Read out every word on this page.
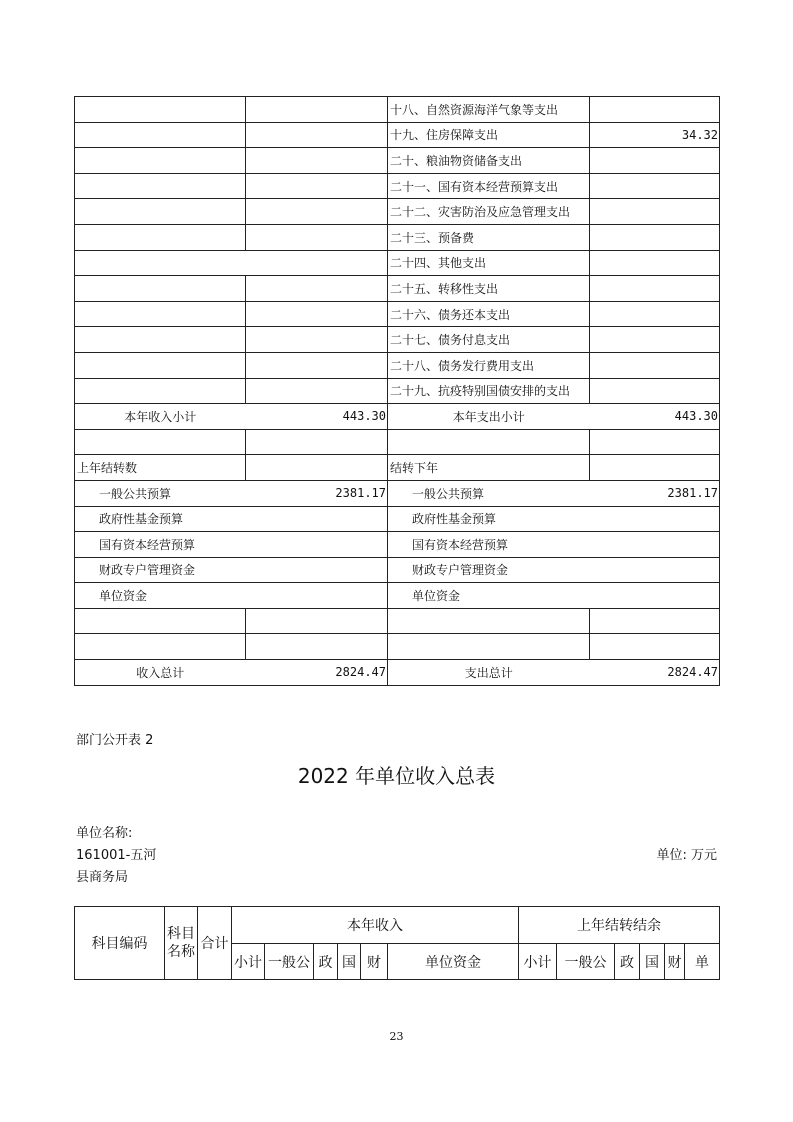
		十八、自然资源海洋气象等支出	
		十九、住房保障支出	34.32
		二十、粮油物资储备支出	
		二十一、国有资本经营预算支出	
		二十二、灾害防治及应急管理支出	
		二十三、预备费	
		二十四、其他支出	
		二十五、转移性支出	
		二十六、债务还本支出	
		二十七、债务付息支出	
		二十八、债务发行费用支出	
		二十九、抗疫特别国债安排的支出	
本年收入小计	443.30	本年支出小计	443.30

上年结转数		结转下年	
一般公共预算	2381.17	一般公共预算	2381.17
政府性基金预算		政府性基金预算	
国有资本经营预算		国有资本经营预算	
财政专户管理资金		财政专户管理资金	
单位资金		单位资金	

收入总计	2824.47	支出总计	2824.47
部门公开表 2
2022 年单位收入总表
单位名称:
161001-五河
县商务局
单位: 万元
科目编码	科目名称	合计	本年收入						上年结转结余					
			小计	一般公	政	国	财	单位资金	小计	一般公	政	国	财	单
23
